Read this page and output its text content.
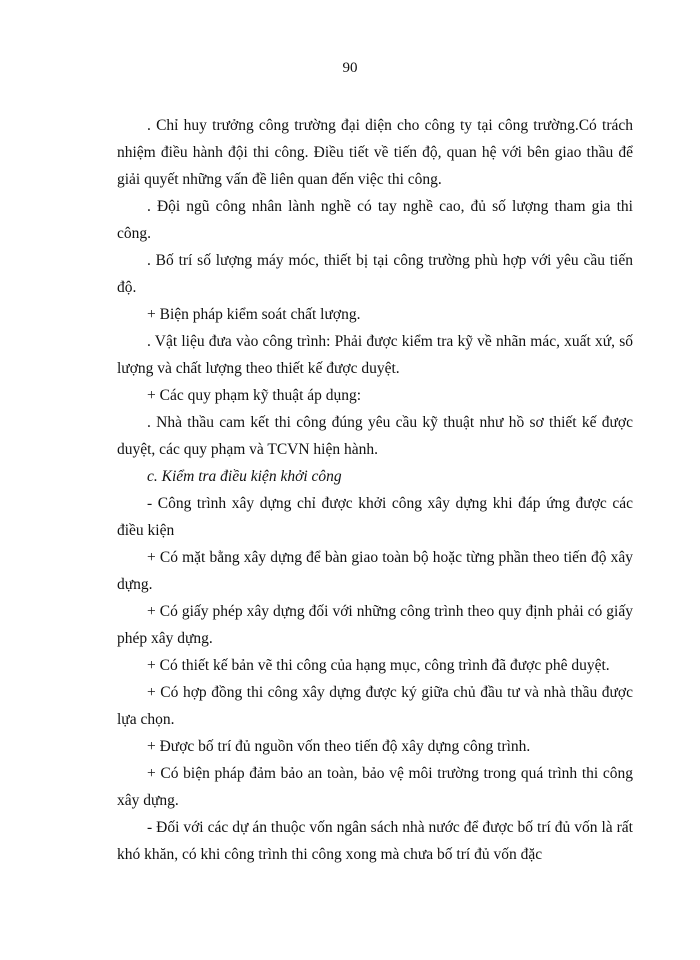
90

. Chỉ huy trưởng công trường đại diện cho công ty tại công trường.Có trách nhiệm điều hành đội thi công. Điều tiết về tiến độ, quan hệ với bên giao thầu để giải quyết những vấn đề liên quan đến việc thi công.

. Đội ngũ công nhân lành nghề có tay nghề cao, đủ số lượng tham gia thi công.

. Bố trí số lượng máy móc, thiết bị tại công trường phù hợp với yêu cầu tiến độ.

+ Biện pháp kiểm soát chất lượng.

. Vật liệu đưa vào công trình: Phải được kiểm tra kỹ về nhãn mác, xuất xứ, số lượng và chất lượng theo thiết kế được duyệt.

+ Các quy phạm kỹ thuật áp dụng:

. Nhà thầu cam kết thi công đúng yêu cầu kỹ thuật như hồ sơ thiết kế được duyệt, các quy phạm và TCVN hiện hành.

c. Kiểm tra điều kiện khởi công

- Công trình xây dựng chỉ được khởi công xây dựng khi đáp ứng được các điều kiện

+ Có mặt bằng xây dựng để bàn giao toàn bộ hoặc từng phần theo tiến độ xây dựng.

+ Có giấy phép xây dựng đối với những công trình theo quy định phải có giấy phép xây dựng.

+ Có thiết kế bản vẽ thi công của hạng mục, công trình đã được phê duyệt.

+ Có hợp đồng thi công xây dựng được ký giữa chủ đầu tư và nhà thầu được lựa chọn.

+ Được bố trí đủ nguồn vốn theo tiến độ xây dựng công trình.

+ Có biện pháp đảm bảo an toàn, bảo vệ môi trường trong quá trình thi công xây dựng.

- Đối với các dự án thuộc vốn ngân sách nhà nước để được bố trí đủ vốn là rất khó khăn, có khi công trình thi công xong mà chưa bố trí đủ vốn đặc
